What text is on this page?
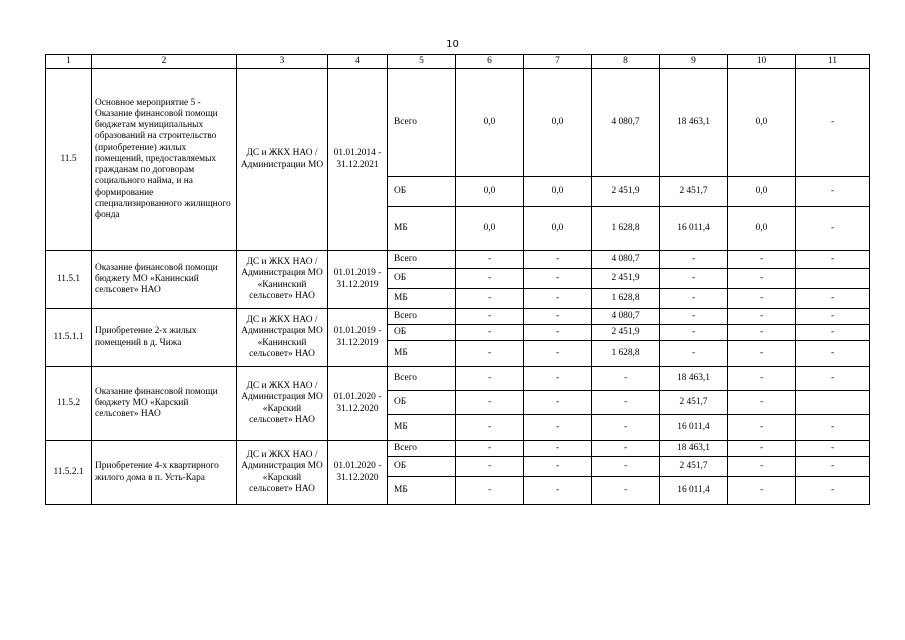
10
1	2	3	4	5	6	7	8	9	10	11
11.5	Основное мероприятие 5 - Оказание финансовой помощи бюджетам муниципальных образований на строительство (приобретение) жилых помещений, предоставляемых гражданам по договорам социального найма, и на формирование специализированного жилищного фонда	ДС и ЖКХ НАО / Администрации МО	01.01.2014 - 31.12.2021	Всего	0,0	0,0	4 080,7	18 463,1	0,0	-
				ОБ	0,0	0,0	2 451,9	2 451,7	0,0	-
				МБ	0,0	0,0	1 628,8	16 011,4	0,0	-
11.5.1	Оказание финансовой помощи бюджету МО «Канинский сельсовет» НАО	ДС и ЖКХ НАО / Администрация МО «Канинский сельсовет» НАО	01.01.2019 - 31.12.2019	Всего	-	-	4 080,7	-	-	-
				ОБ	-	-	2 451,9	-	-	
				МБ	-	-	1 628,8	-	-	-
11.5.1.1	Приобретение 2-х жилых помещений в д. Чижа	ДС и ЖКХ НАО / Администрация МО «Канинский сельсовет» НАО	01.01.2019 - 31.12.2019	Всего	-	-	4 080,7	-	-	-
				ОБ	-	-	2 451,9	-	-	-
				МБ	-	-	1 628,8	-	-	-
11.5.2	Оказание финансовой помощи бюджету МО «Карский сельсовет» НАО	ДС и ЖКХ НАО / Администрация МО «Карский сельсовет» НАО	01.01.2020 - 31.12.2020	Всего	-	-	-	18 463,1	-	-
				ОБ	-	-	-	2 451,7	-	
				МБ	-	-	-	16 011,4	-	-
11.5.2.1	Приобретение 4-х квартирного жилого дома в п. Усть-Кара	ДС и ЖКХ НАО / Администрация МО «Карский сельсовет» НАО	01.01.2020 - 31.12.2020	Всего	-	-	-	18 463,1	-	-
				ОБ	-	-	-	2 451,7	-	-
				МБ	-	-	-	16 011,4	-	-
